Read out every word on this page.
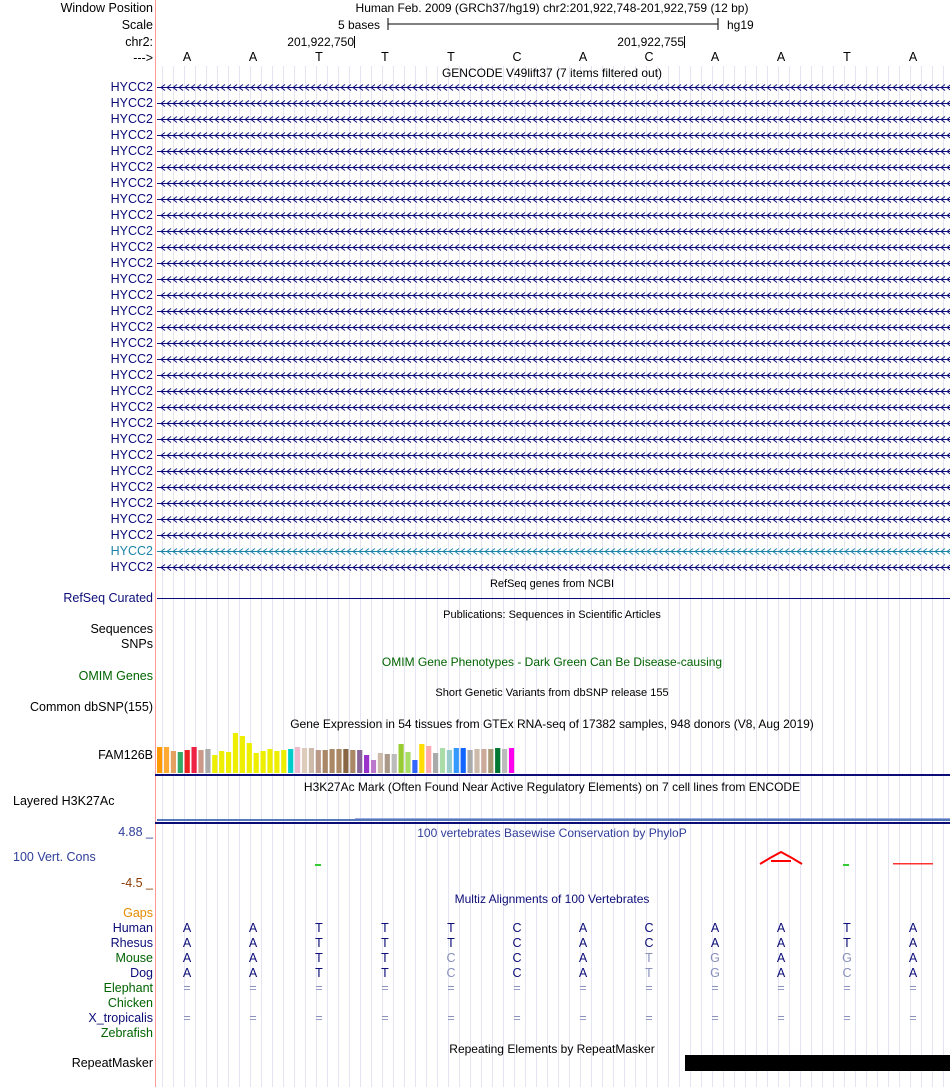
Window Position
Scale
chr2:
--->
Human Feb. 2009 (GRCh37/hg19) chr2:201,922,748-201,922,759 (12 bp)
5 bases	hg19
201,922,750	201,922,755
A	A	T	T	T	C	A	C	A	A	T	A
GENCODE V49lift37 (7 items filtered out)
HYCC2
HYCC2
HYCC2
HYCC2
HYCC2
HYCC2
HYCC2
HYCC2
HYCC2
HYCC2
HYCC2
HYCC2
HYCC2
HYCC2
HYCC2
HYCC2
HYCC2
HYCC2
HYCC2
HYCC2
HYCC2
HYCC2
HYCC2
HYCC2
HYCC2
HYCC2
HYCC2
HYCC2
HYCC2
HYCC2
HYCC2
RefSeq genes from NCBI
RefSeq Curated
Publications: Sequences in Scientific Articles
Sequences
SNPs
OMIM Gene Phenotypes - Dark Green Can Be Disease-causing
OMIM Genes
Short Genetic Variants from dbSNP release 155
Common dbSNP(155)
Gene Expression in 54 tissues from GTEx RNA-seq of 17382 samples, 948 donors (V8, Aug 2019)
FAM126B
H3K27Ac Mark (Often Found Near Active Regulatory Elements) on 7 cell lines from ENCODE
Layered H3K27Ac
100 vertebrates Basewise Conservation by PhyloP
4.88 _
100 Vert. Cons
-4.5 _
Multiz Alignments of 100 Vertebrates
Gaps
Human	A	A	T	T	T	C	A	C	A	A	T	A
Rhesus	A	A	T	T	T	C	A	C	A	A	T	A
Mouse	A	A	T	T	C	C	A	T	G	A	G	A
Dog	A	A	T	T	C	C	A	T	G	A	C	A
Elephant	=	=	=	=	=	=	=	=	=	=	=	=
Chicken
X_tropicalis	=	=	=	=	=	=	=	=	=	=	=	=
Zebrafish
Repeating Elements by RepeatMasker
RepeatMasker
